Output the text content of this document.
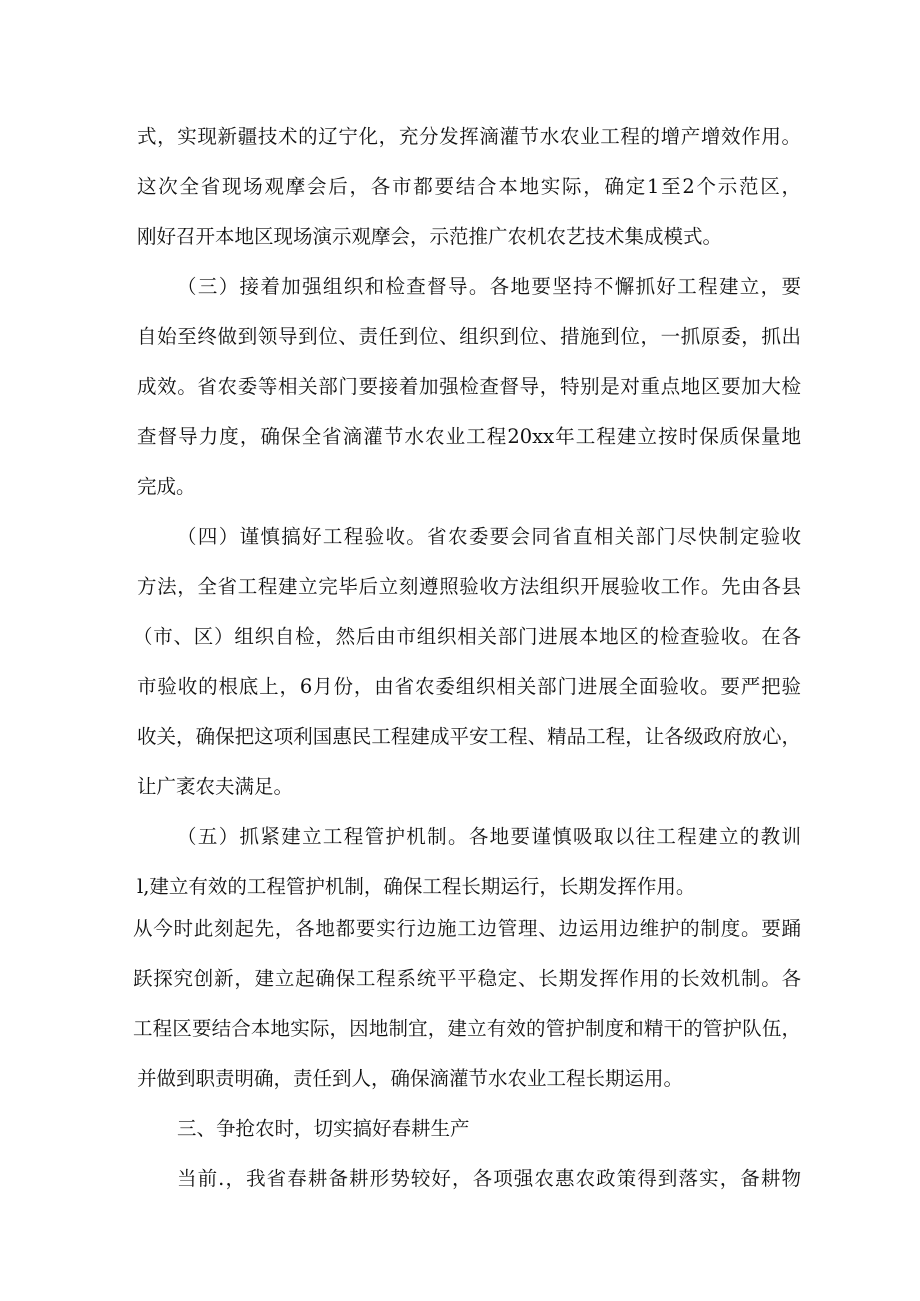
式，实现新疆技术的辽宁化，充分发挥滴灌节水农业工程的增产增效作用。
这次全省现场观摩会后，各市都要结合本地实际，确定1至2个示范区，
刚好召开本地区现场演示观摩会，示范推广农机农艺技术集成模式。
（三）接着加强组织和检查督导。各地要坚持不懈抓好工程建立，要
自始至终做到领导到位、责任到位、组织到位、措施到位，一抓原委，抓出
成效。省农委等相关部门要接着加强检查督导，特别是对重点地区要加大检
查督导力度，确保全省滴灌节水农业工程20xx年工程建立按时保质保量地
完成。
（四）谨慎搞好工程验收。省农委要会同省直相关部门尽快制定验收
方法，全省工程建立完毕后立刻遵照验收方法组织开展验收工作。先由各县
（市、区）组织自检，然后由市组织相关部门进展本地区的检查验收。在各
市验收的根底上，6月份，由省农委组织相关部门进展全面验收。要严把验
收关，确保把这项利国惠民工程建成平安工程、精品工程，让各级政府放心，
让广袤农夫满足。
（五）抓紧建立工程管护机制。各地要谨慎吸取以往工程建立的教训
l,建立有效的工程管护机制，确保工程长期运行，长期发挥作用。
从今时此刻起先，各地都要实行边施工边管理、边运用边维护的制度。要踊
跃探究创新，建立起确保工程系统平平稳定、长期发挥作用的长效机制。各
工程区要结合本地实际，因地制宜，建立有效的管护制度和精干的管护队伍，
并做到职责明确，责任到人，确保滴灌节水农业工程长期运用。
三、争抢农时，切实搞好春耕生产
当前.，我省春耕备耕形势较好，各项强农惠农政策得到落实，备耕物
